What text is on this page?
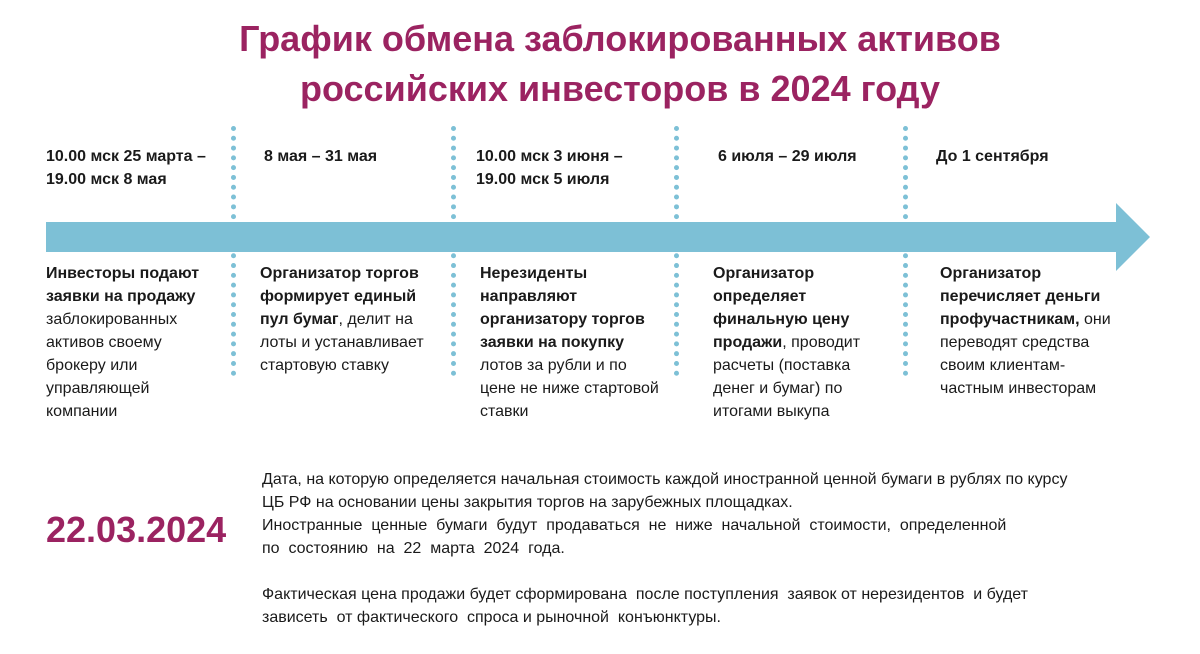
График обмена заблокированных активов
российских инвесторов в 2024 году
10.00 мск 25 марта –
19.00 мск 8 мая
8 мая – 31 мая	10.00 мск 3 июня –
19.00 мск 5 июля
6 июля – 29 июля	До 1 сентября
Инвесторы подают заявки на продажу заблокированных активов своему брокеру или управляющей компании
Организатор торгов формирует единый пул бумаг, делит на лоты и устанавливает стартовую ставку
Нерезиденты направляют организатору торгов заявки на покупку лотов за рубли и по цене не ниже стартовой ставки
Организатор определяет финальную цену продажи, проводит расчеты (поставка денег и бумаг) по итогами выкупа
Организатор перечисляет деньги профучастникам, они переводят средства своим клиентам-частным инвесторам
22.03.2024

Дата, на которую определяется начальная стоимость каждой иностранной ценной бумаги в рублях по курсу

ЦБ РФ на основании цены закрытия торгов на зарубежных площадках.

Иностранные  ценные  бумаги  будут  продаваться  не  ниже  начальной  стоимости,  определенной

по  состоянию  на  22  марта  2024  года.

Фактическая цена продажи будет сформирована  после поступления  заявок от нерезидентов  и будет

зависеть  от фактического  спроса и рыночной  конъюнктуры.
